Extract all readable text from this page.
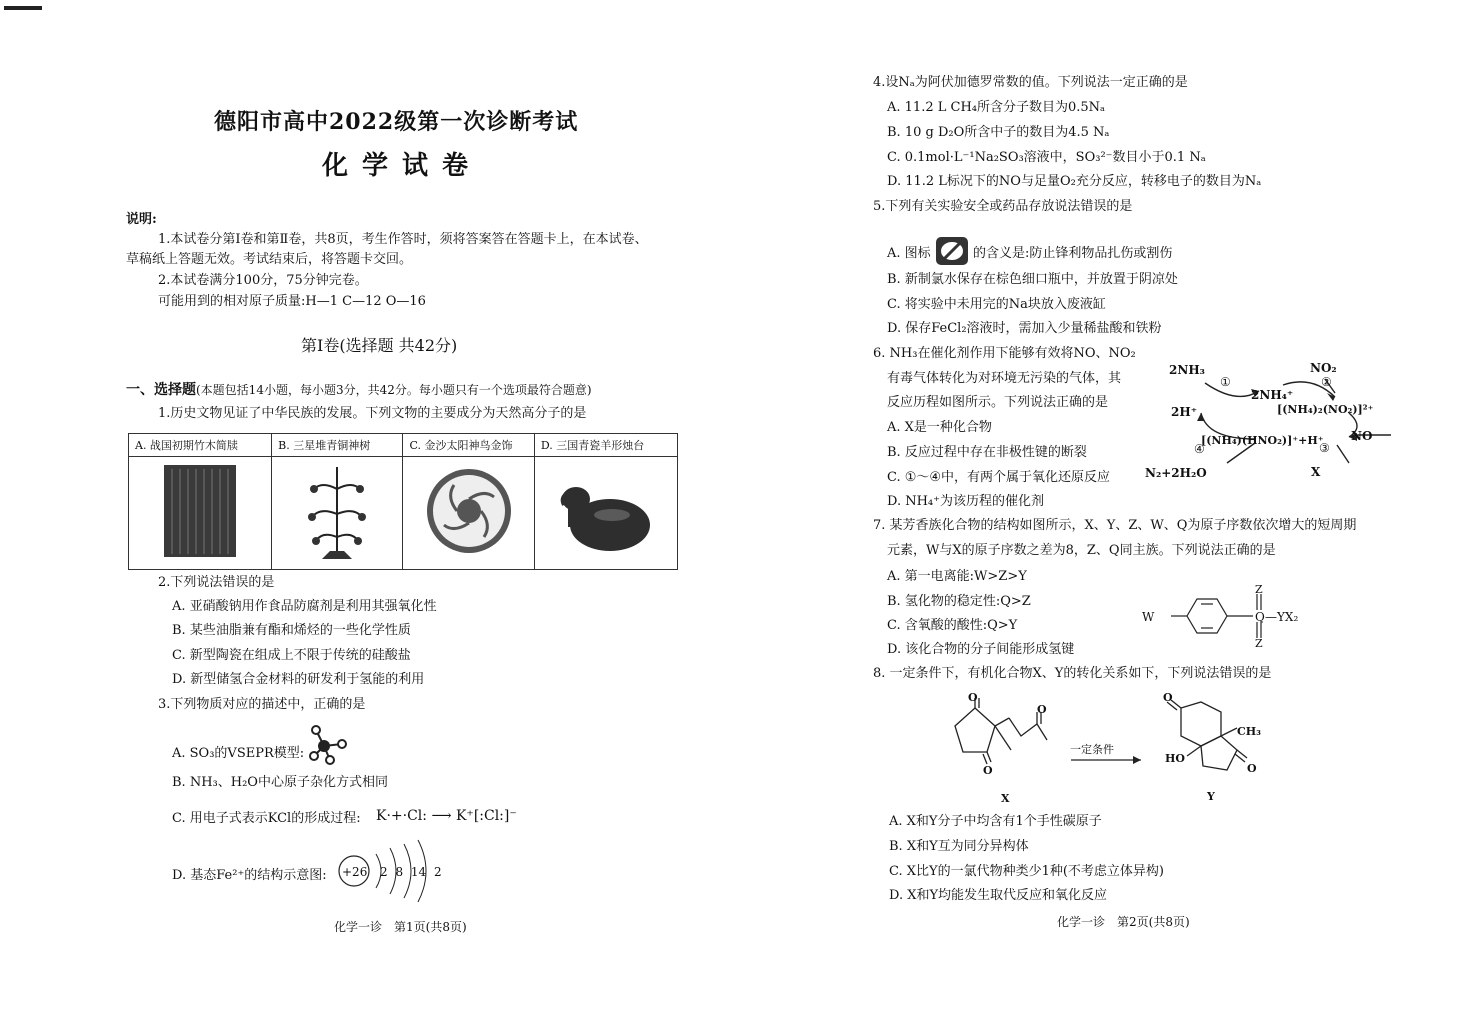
德阳市高中2022级第一次诊断考试
化学试卷
说明:
1.本试卷分第Ⅰ卷和第Ⅱ卷，共8页，考生作答时，须将答案答在答题卡上，在本试卷、
草稿纸上答题无效。考试结束后，将答题卡交回。
2.本试卷满分100分，75分钟完卷。
可能用到的相对原子质量:H—1 C—12 O—16
第Ⅰ卷(选择题 共42分)
一、选择题(本题包括14小题，每小题3分，共42分。每小题只有一个选项最符合题意)
1.历史文物见证了中华民族的发展。下列文物的主要成分为天然高分子的是
A. 战国初期竹木简牍	B. 三星堆青铜神树	C. 金沙太阳神鸟金饰	D. 三国青瓷羊形烛台

2.下列说法错误的是
A. 亚硝酸钠用作食品防腐剂是利用其强氧化性
B. 某些油脂兼有酯和烯烃的一些化学性质
C. 新型陶瓷在组成上不限于传统的硅酸盐
D. 新型储氢合金材料的研发利于氢能的利用
3.下列物质对应的描述中，正确的是
A. SO₃的VSEPR模型:
B. NH₃、H₂O中心原子杂化方式相同
C. 用电子式表示KCl的形成过程: K·+·Cl: ⟶ K⁺[:Cl:]⁻
D. 基态Fe²⁺的结构示意图: +26 2 8 14 2
化学一诊　第1页(共8页)
4.设Nₐ为阿伏加德罗常数的值。下列说法一定正确的是
A. 11.2 L CH₄所含分子数目为0.5Nₐ
B. 10 g D₂O所含中子的数目为4.5 Nₐ
C. 0.1mol·L⁻¹Na₂SO₃溶液中，SO₃²⁻数目小于0.1 Nₐ
D. 11.2 L标况下的NO与足量O₂充分反应，转移电子的数目为Nₐ
5.下列有关实验安全或药品存放说法错误的是
A. 图标	的含义是:防止锋利物品扎伤或割伤
B. 新制氯水保存在棕色细口瓶中，并放置于阴凉处
C. 将实验中未用完的Na块放入废液缸
D. 保存FeCl₂溶液时，需加入少量稀盐酸和铁粉
6. NH₃在催化剂作用下能够有效将NO、NO₂
有毒气体转化为对环境无污染的气体，其
反应历程如图所示。下列说法正确的是
A. X是一种化合物
B. 反应过程中存在非极性键的断裂
C. ①～④中，有两个属于氧化还原反应
D. NH₄⁺为该历程的催化剂
2NH₃
①
2NH₄⁺
NO₂
②
[(NH₄)₂(NO₂)]²⁺
2H⁺
[(NH₄)(HNO₂)]⁺+H⁺ NO
③
④
N₂+2H₂O	X
7. 某芳香族化合物的结构如图所示，X、Y、Z、W、Q为原子序数依次增大的短周期
元素，W与X的原子序数之差为8，Z、Q同主族。下列说法正确的是
A. 第一电离能:W>Z>Y
B. 氢化物的稳定性:Q>Z
C. 含氧酸的酸性:Q>Y
D. 该化合物的分子间能形成氢键
W
Z
Q —YX₂
Z
8. 一定条件下，有机化合物X、Y的转化关系如下，下列说法错误的是
O
O
O
一定条件
O
O
CH₃
HO
X	Y
A. X和Y分子中均含有1个手性碳原子
B. X和Y互为同分异构体
C. X比Y的一氯代物种类少1种(不考虑立体异构)
D. X和Y均能发生取代反应和氧化反应
化学一诊　第2页(共8页)
